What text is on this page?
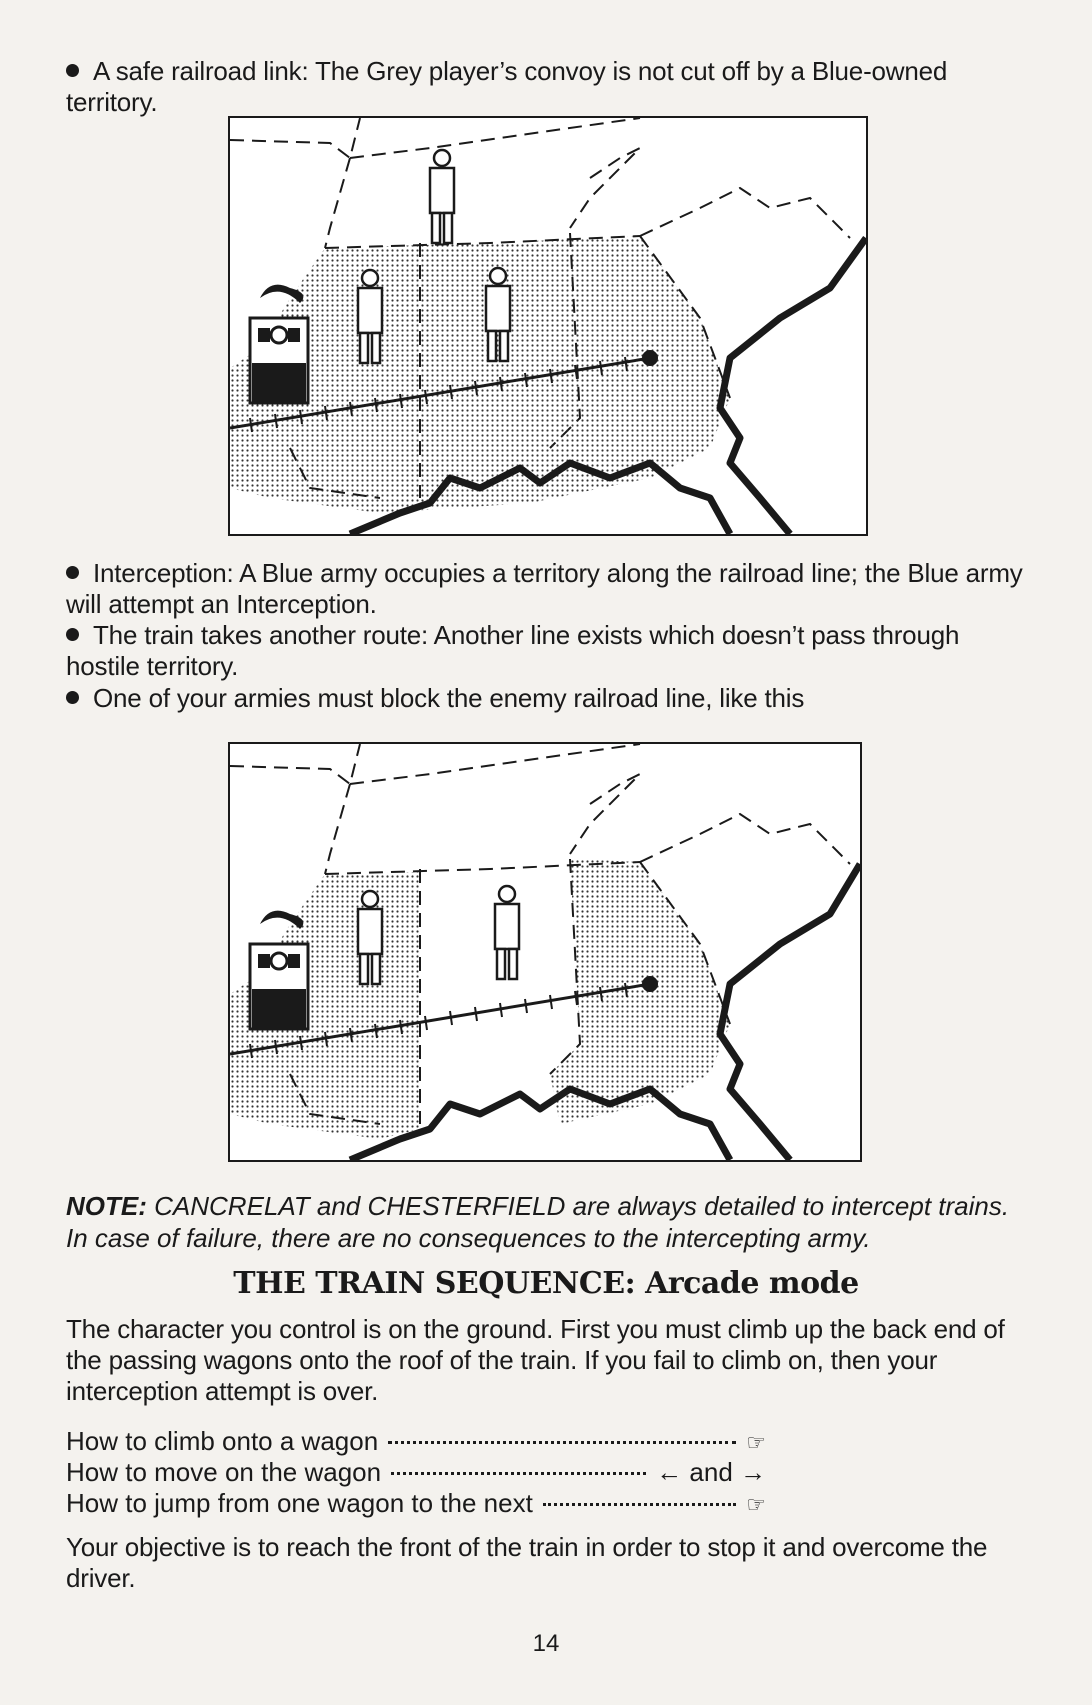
A safe railroad link: The Grey player’s convoy is not cut off by a Blue-owned territory.
Interception: A Blue army occupies a territory along the railroad line; the Blue army will attempt an Interception.
The train takes another route: Another line exists which doesn’t pass through hostile territory.
One of your armies must block the enemy railroad line, like this
NOTE: CANCRELAT and CHESTERFIELD are always detailed to intercept trains. In case of failure, there are no consequences to the intercepting army.
THE TRAIN SEQUENCE: Arcade mode
The character you control is on the ground. First you must climb up the back end of the passing wagons onto the roof of the train. If you fail to climb on, then your interception attempt is over.
How to climb onto a wagon	☞
How to move on the wagon	← and →
How to jump from one wagon to the next	☞
Your objective is to reach the front of the train in order to stop it and overcome the driver.
14
